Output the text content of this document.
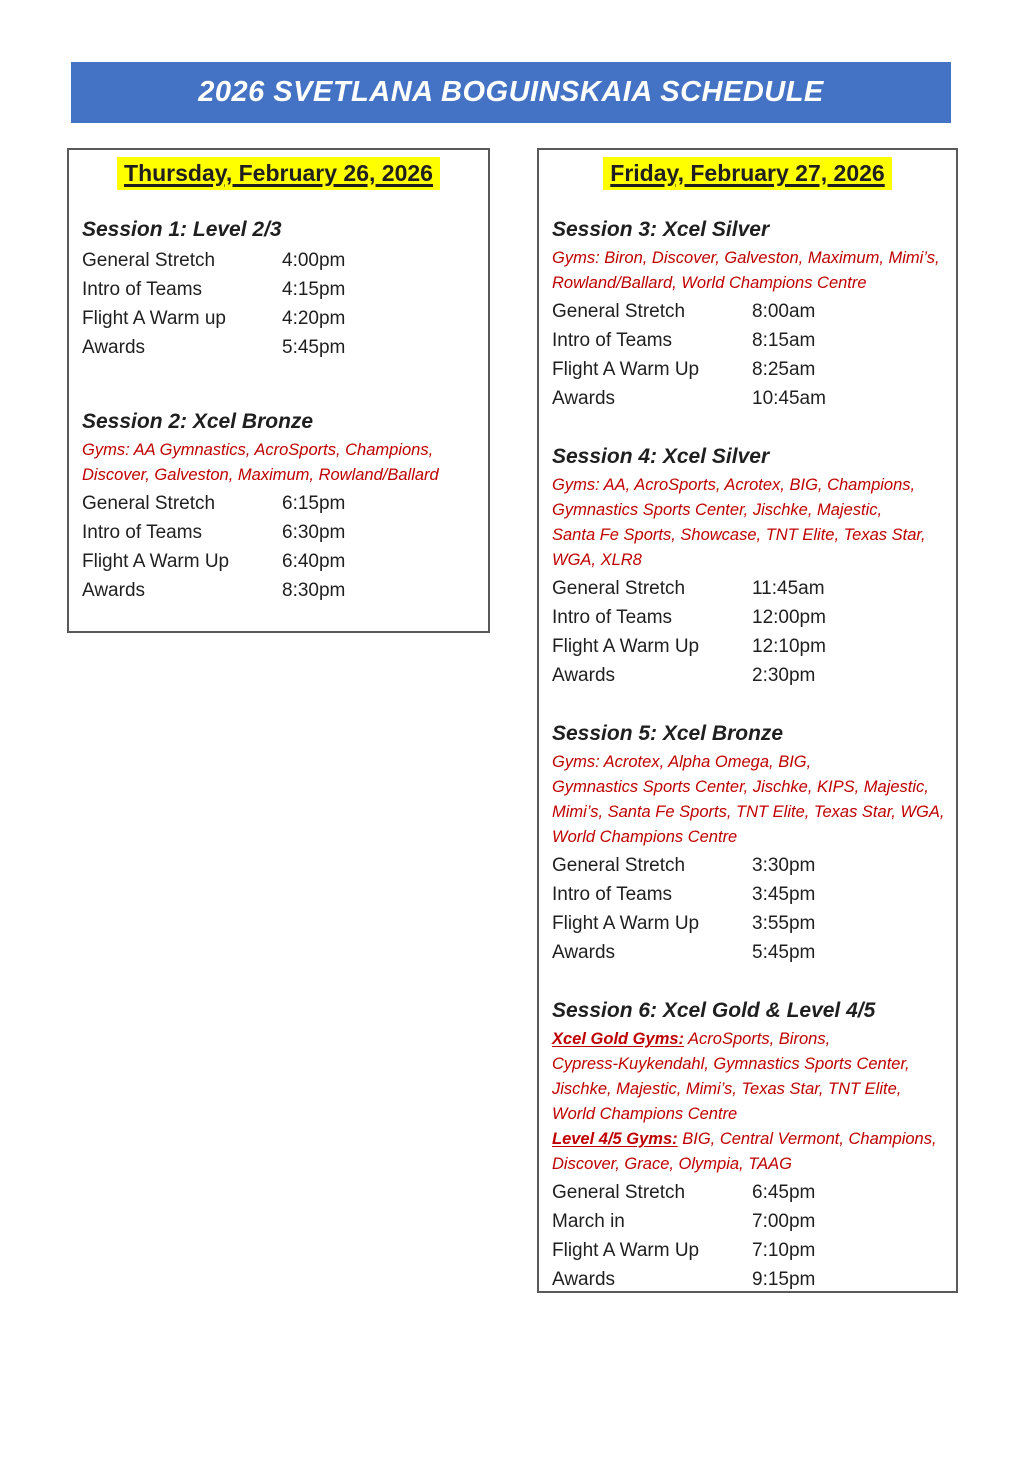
2026 SVETLANA BOGUINSKAIA SCHEDULE
Thursday, February 26, 2026
Session 1: Level 2/3
General Stretch	4:00pm
Intro of Teams	4:15pm
Flight A Warm up	4:20pm
Awards	5:45pm
Session 2: Xcel Bronze
Gyms: AA Gymnastics, AcroSports, Champions,
Discover, Galveston, Maximum, Rowland/Ballard
General Stretch	6:15pm
Intro of Teams	6:30pm
Flight A Warm Up	6:40pm
Awards	8:30pm
Friday, February 27, 2026
Session 3: Xcel Silver
Gyms: Biron, Discover, Galveston, Maximum, Mimi’s,
Rowland/Ballard, World Champions Centre
General Stretch	8:00am
Intro of Teams	8:15am
Flight A Warm Up	8:25am
Awards	10:45am
Session 4: Xcel Silver
Gyms: AA, AcroSports, Acrotex, BIG, Champions,
Gymnastics Sports Center, Jischke, Majestic,
Santa Fe Sports, Showcase, TNT Elite, Texas Star,
WGA, XLR8
General Stretch	11:45am
Intro of Teams	12:00pm
Flight A Warm Up	12:10pm
Awards	2:30pm
Session 5: Xcel Bronze
Gyms: Acrotex, Alpha Omega, BIG,
Gymnastics Sports Center, Jischke, KIPS, Majestic,
Mimi’s, Santa Fe Sports, TNT Elite, Texas Star, WGA,
World Champions Centre
General Stretch	3:30pm
Intro of Teams	3:45pm
Flight A Warm Up	3:55pm
Awards	5:45pm
Session 6: Xcel Gold & Level 4/5
Xcel Gold Gyms: AcroSports, Birons,
Cypress-Kuykendahl, Gymnastics Sports Center,
Jischke, Majestic, Mimi’s, Texas Star, TNT Elite,
World Champions Centre
Level 4/5 Gyms: BIG, Central Vermont, Champions,
Discover, Grace, Olympia, TAAG
General Stretch	6:45pm
March in	7:00pm
Flight A Warm Up	7:10pm
Awards	9:15pm
